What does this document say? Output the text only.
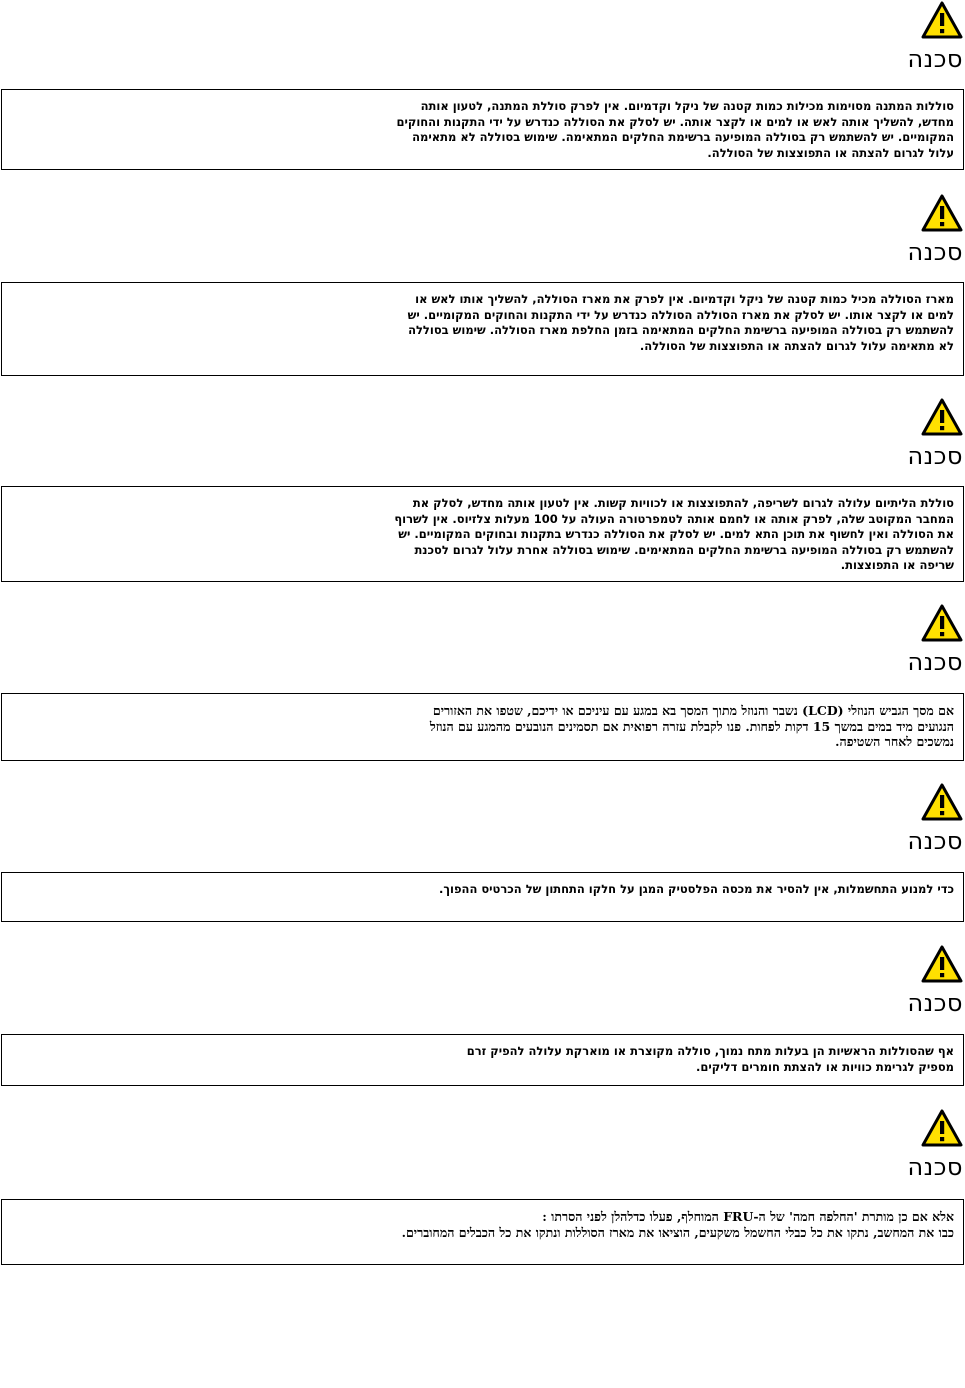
סכנה

סוללות המתנה מסוימות מכילות כמות קטנה של ניקל וקדמיום. אין לפרק סוללת המתנה, לטעון אותה מחדש, להשליך אותה לאש או למים או לקצר אותה. יש לסלק את הסוללה כנדרש על ידי התקנות והחוקים המקומיים. יש להשתמש רק בסוללה המופיעה ברשימת החלקים המתאימה. שימוש בסוללה לא מתאימה עלול לגרום להצתה או התפוצצות של הסוללה.

סכנה

מארז הסוללה מכיל כמות קטנה של ניקל וקדמיום. אין לפרק את מארז הסוללה, להשליך אותו לאש או למים או לקצר אותו. יש לסלק את מארז הסוללה הסוללה כנדרש על ידי התקנות והחוקים המקומיים. יש להשתמש רק בסוללה המופיעה ברשימת החלקים המתאימה בזמן החלפת מארז הסוללה. שימוש בסוללה לא מתאימה עלול לגרום להצתה או התפוצצות של הסוללה.

סכנה

סוללת הליתיום עלולה לגרום לשריפה, להתפוצצות או לכוויות קשות. אין לטעון אותה מחדש, לסלק את המחבר המקוטב שלה, לפרק אותה או לחמם אותה לטמפרטורה העולה על 100 מעלות צלזיוס. אין לשרוף את הסוללה ואין לחשוף את תוכן התא למים. יש לסלק את הסוללה כנדרש בתקנות ובחוקים המקומיים. יש להשתמש רק בסוללה המופיעה ברשימת החלקים המתאימים. שימוש בסוללה אחרת עלול לגרום לסכנת שריפה או התפוצצות.

סכנה

אם מסך הגביש הנוזלי (LCD) נשבר והנוזל מתוך המסך בא במגע עם עיניכם או ידיכם, שטפו את האזורים הנגועים מיד במים במשך 15 דקות לפחות. פנו לקבלת עזרה רפואית אם תסמינים הנובעים מהמגע עם הנוזל נמשכים לאחר השטיפה.

סכנה

כדי למנוע התחשמלות, אין להסיר את מכסה הפלסטיק המגן על חלקו התחתון של הכרטיס ההפוך.

סכנה

אף שהסוללות הראשיות הן בעלות מתח נמוך, סוללה מקוצרת או מוארקת עלולה להפיק זרם מספיק לגרימת כוויות או להצתת חומרים דליקים.

סכנה

אלא אם כן מותרת 'החלפה חמה' של ה-FRU המוחלף, פעלו כדלהלן לפני הסרתו :

כבו את המחשב, נתקו את כל כבלי החשמל משקעים, הוציאו את מארז הסוללות ונתקו את כל הכבלים המחוברים.
